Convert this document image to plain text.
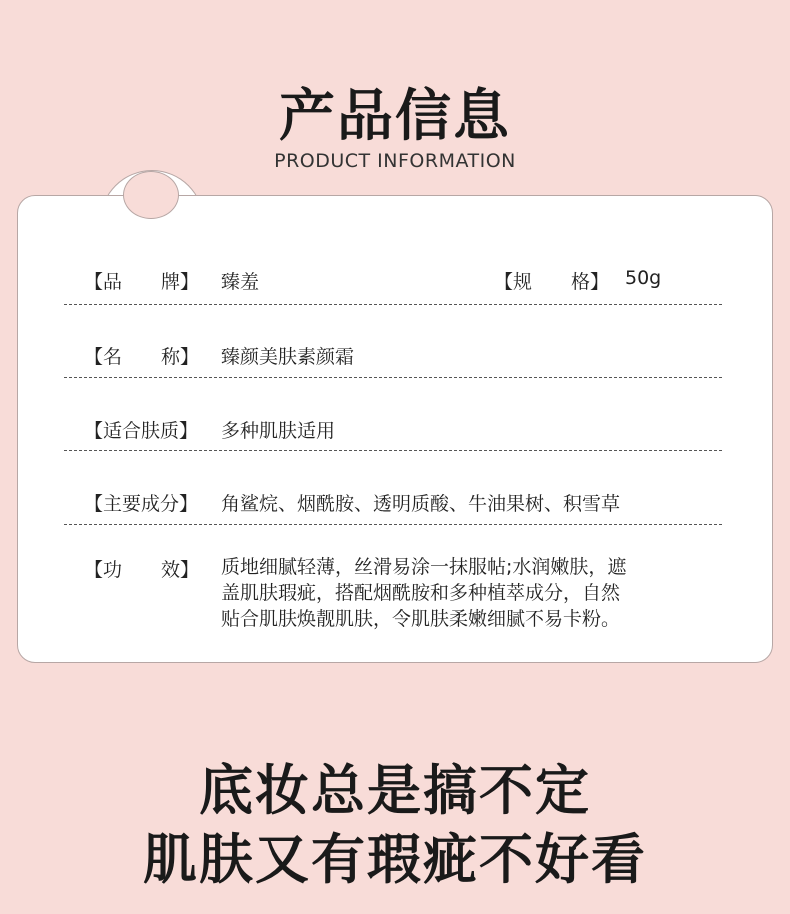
产品信息
PRODUCT INFORMATION
【品 牌】 臻羞	【规 格】 50g
【名 称】 臻颜美肤素颜霜
【适合肤质】 多种肌肤适用
【主要成分】 角鲨烷、烟酰胺、透明质酸、牛油果树、积雪草
【功 效】 质地细腻轻薄，丝滑易涂一抹服帖;水润嫩肤，遮
盖肌肤瑕疵，搭配烟酰胺和多种植萃成分，自然
贴合肌肤焕靓肌肤，令肌肤柔嫩细腻不易卡粉。
底妆总是搞不定
肌肤又有瑕疵不好看
